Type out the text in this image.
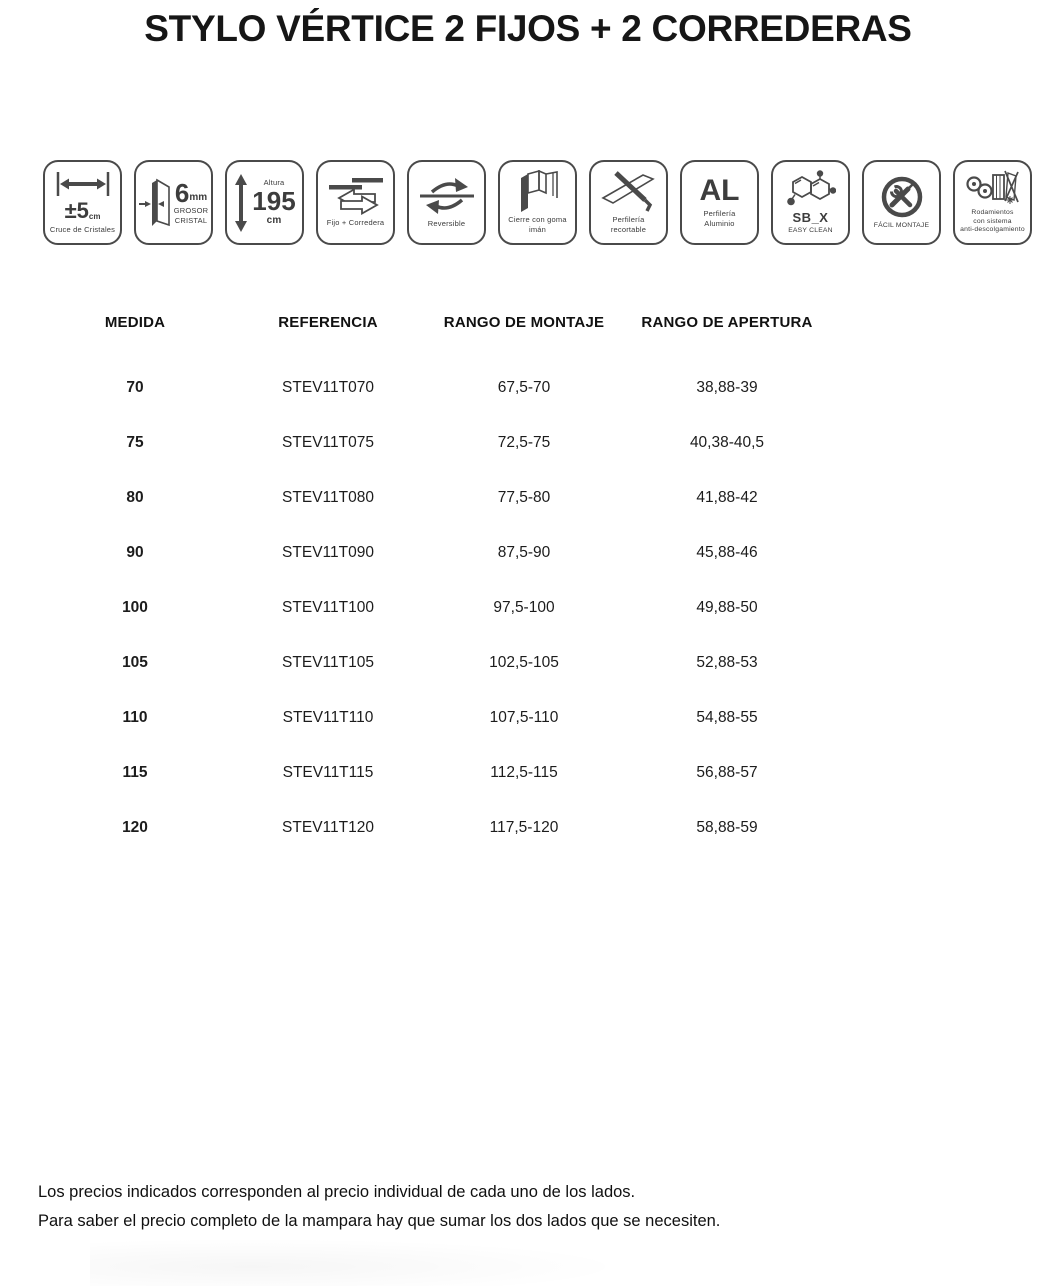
STYLO VÉRTICE 2 FIJOS + 2 CORREDERAS
±5 cm
Cruce de Cristales
6 mm
GROSOR
CRISTAL
Altura
195
cm	Fijo + Corredera	Reversible	Cierre con goma
imán
Perfilería
recortable
AL
Perfilería
Aluminio	SB_X
EASY CLEAN
FÁCIL MONTAJE
Rodamientos
con sistema
anti-descolgamiento
MEDIDA	REFERENCIA	RANGO DE MONTAJE	RANGO DE APERTURA
70	STEV11T070	67,5-70	38,88-39
75	STEV11T075	72,5-75	40,38-40,5
80	STEV11T080	77,5-80	41,88-42
90	STEV11T090	87,5-90	45,88-46
100	STEV11T100	97,5-100	49,88-50
105	STEV11T105	102,5-105	52,88-53
110	STEV11T110	107,5-110	54,88-55
115	STEV11T115	112,5-115	56,88-57
120	STEV11T120	117,5-120	58,88-59

Los precios indicados corresponden al precio individual de cada uno de los lados.

Para saber el precio completo de la mampara hay que sumar los dos lados que se necesiten.
